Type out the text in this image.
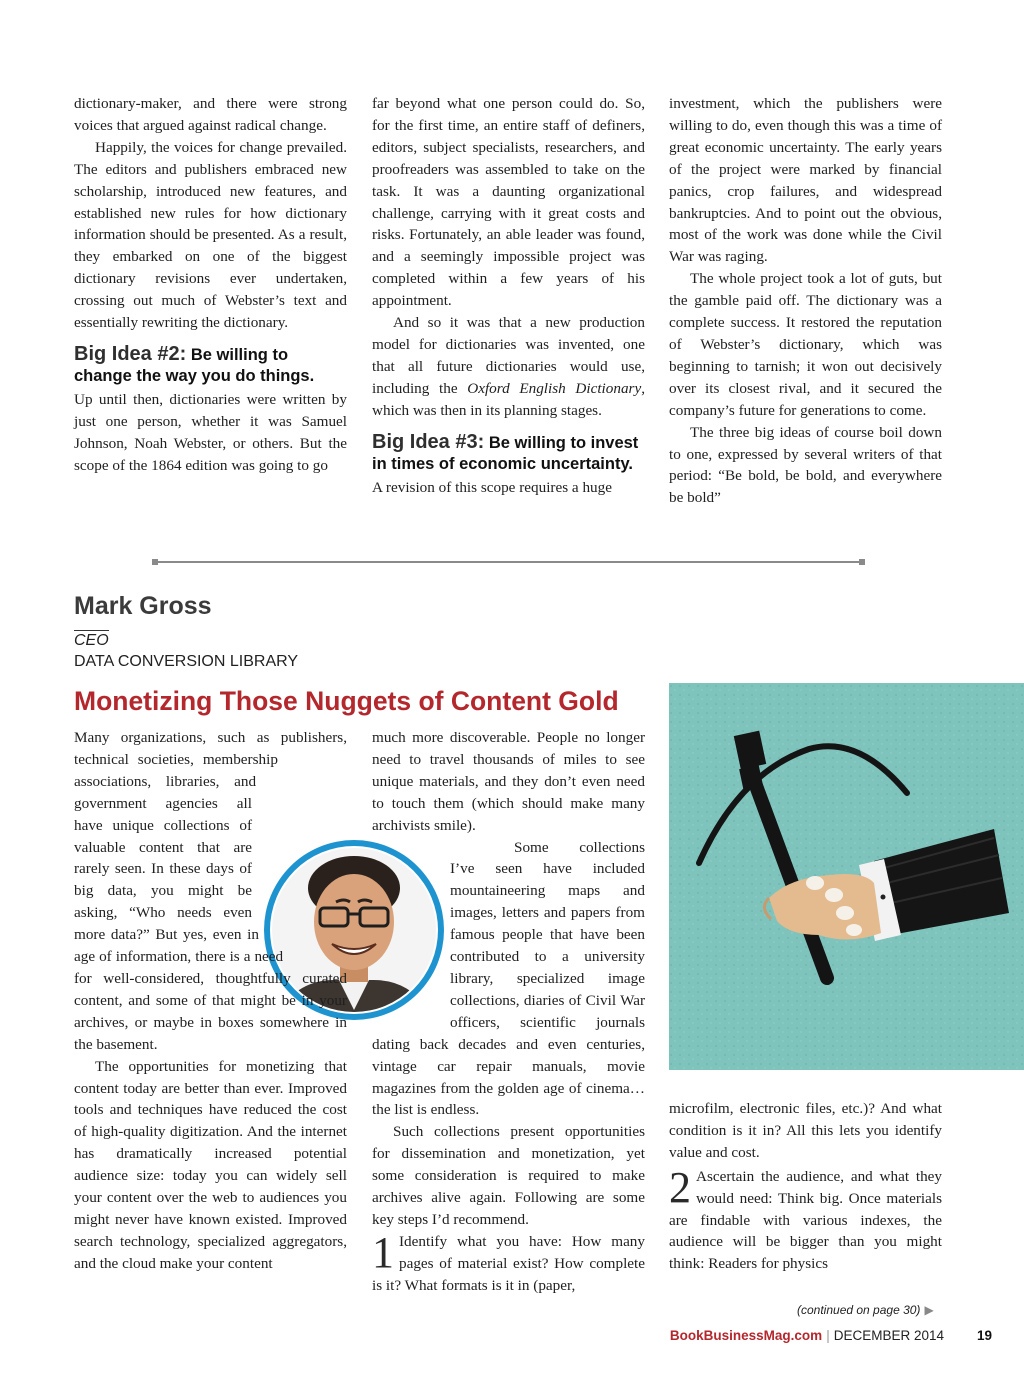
dictionary-maker, and there were strong voices that argued against radical change.

Happily, the voices for change prevailed. The editors and publishers embraced new scholarship, introduced new features, and established new rules for how dictionary information should be presented. As a result, they embarked on one of the biggest dictionary revisions ever undertaken, crossing out much of Webster’s text and essentially rewriting the dictionary.

Big Idea #2: Be willing to change the way you do things.

Up until then, dictionaries were written by just one person, whether it was Samuel Johnson, Noah Webster, or others. But the scope of the 1864 edition was going to go

far beyond what one person could do. So, for the first time, an entire staff of definers, editors, subject specialists, researchers, and proofreaders was assembled to take on the task. It was a daunting organizational challenge, carrying with it great costs and risks. Fortunately, an able leader was found, and a seemingly impossible project was completed within a few years of his appointment.

And so it was that a new production model for dictionaries was invented, one that all future dictionaries would use, including the Oxford English Dictionary, which was then in its planning stages.

Big Idea #3: Be willing to invest in times of economic uncertainty.

A revision of this scope requires a huge

investment, which the publishers were willing to do, even though this was a time of great economic uncertainty. The early years of the project were marked by financial panics, crop failures, and widespread bankruptcies. And to point out the obvious, most of the work was done while the Civil War was raging.

The whole project took a lot of guts, but the gamble paid off. The dictionary was a complete success. It restored the reputation of Webster’s dictionary, which was beginning to tarnish; it won out decisively over its closest rival, and it secured the company’s future for generations to come.

The three big ideas of course boil down to one, expressed by several writers of that period: “Be bold, be bold, and everywhere be bold”

Mark Gross
CEO
DATA CONVERSION LIBRARY
Monetizing Those Nuggets of Content Gold

Many organizations, such as publishers, technical societies, membership associations, libraries, and government agencies all have unique collections of valuable content that are rarely seen. In these days of big data, you might be asking, “Who needs even more data?” But yes, even in age of information, there is a need for well-considered, thoughtfully curated content, and some of that might be in your archives, or maybe in boxes somewhere in the basement.

The opportunities for monetizing that content today are better than ever. Improved tools and techniques have reduced the cost of high-quality digitization. And the internet has dramatically increased potential audience size: today you can widely sell your content over the web to audiences you might never have known existed. Improved search technology, specialized aggregators, and the cloud make your content

much more discoverable. People no longer need to travel thousands of miles to see unique materials, and they don’t even need to touch them (which should make many archivists smile).

Some collections I’ve seen have included mountaineering maps and images, letters and papers from famous people that have been contributed to a university library, specialized image collections, diaries of Civil War officers, scientific journals dating back decades and even centuries, vintage car repair manuals, movie magazines from the golden age of cinema…the list is endless.

Such collections present opportunities for dissemination and monetization, yet some consideration is required to make archives alive again. Following are some key steps I’d recommend.

1 Identify what you have: How many pages of material exist? How complete is it? What formats is it in (paper,

microfilm, electronic files, etc.)? And what condition is it in? All this lets you identify value and cost.

2 Ascertain the audience, and what they would need: Think big. Once materials are findable with various indexes, the audience will be bigger than you might think: Readers for physics

(continued on page 30) ▶
BookBusinessMag.com | DECEMBER 2014 19
